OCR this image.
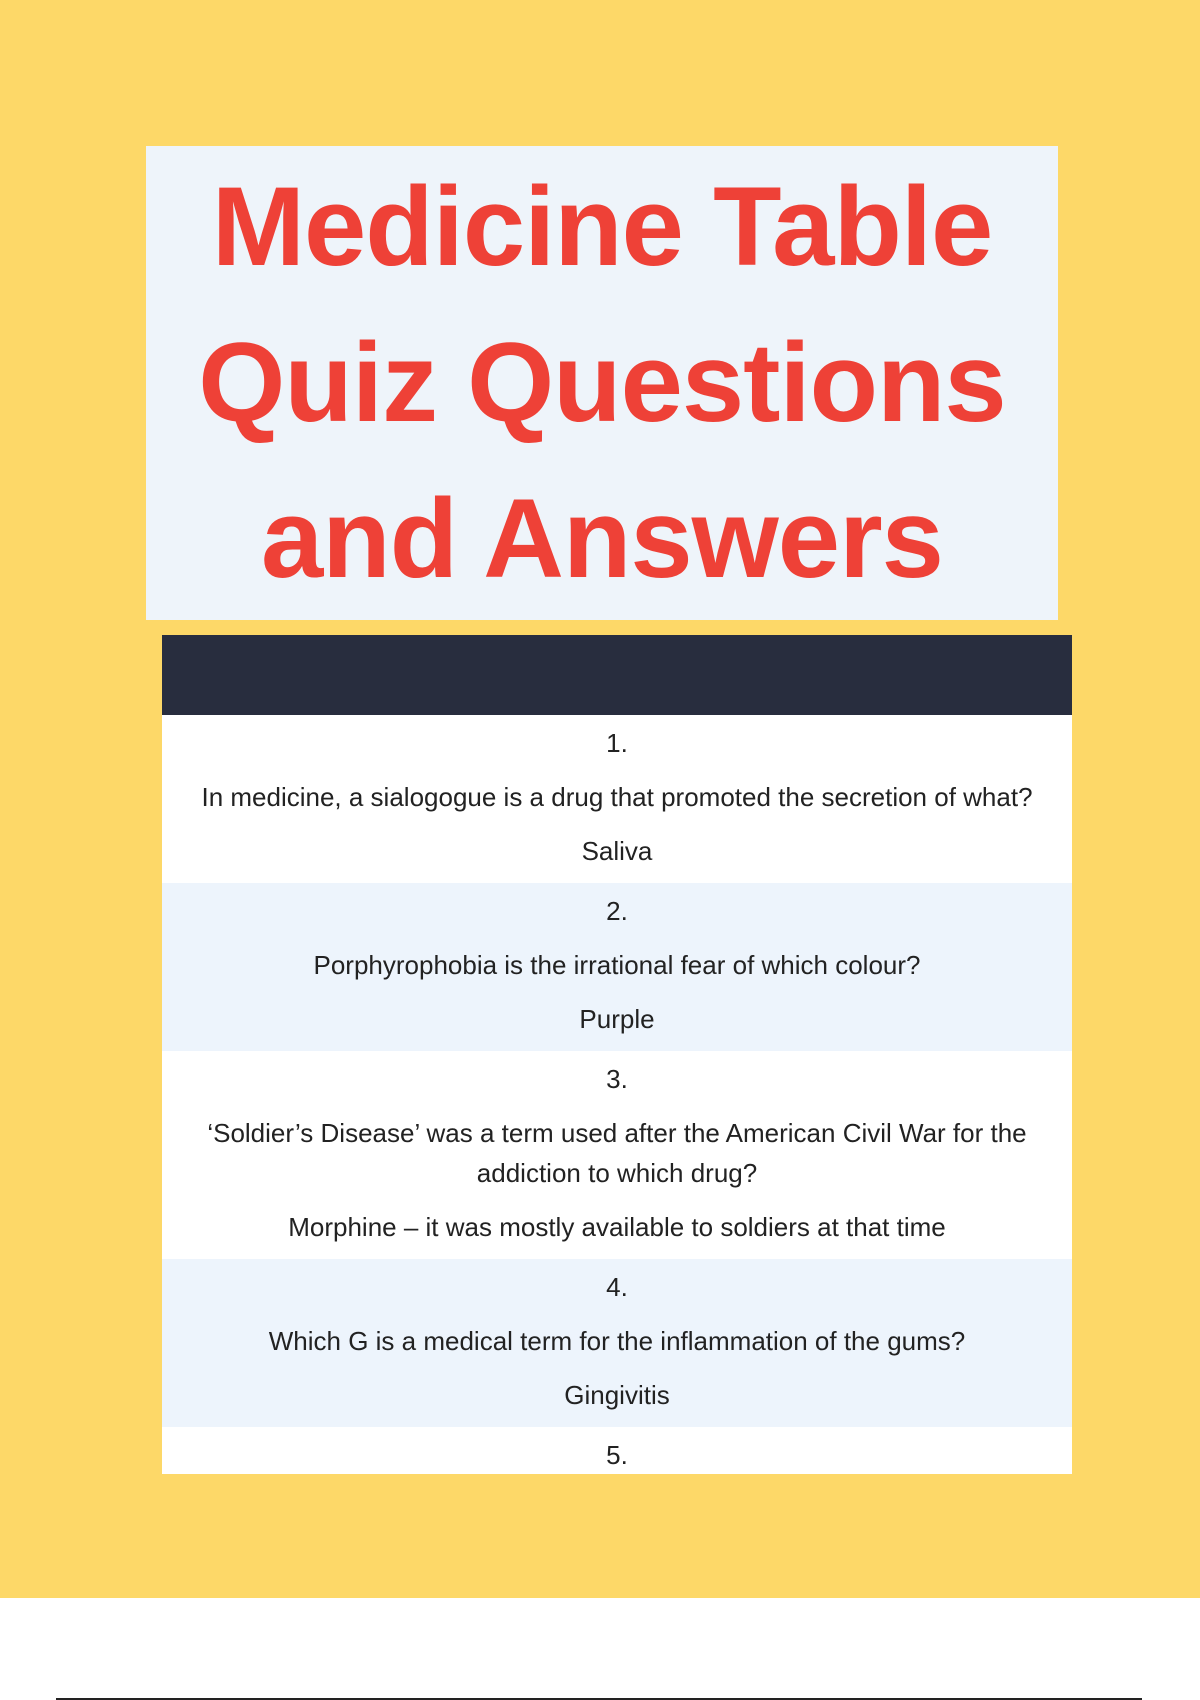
Medicine Table
Quiz Questions
and Answers
1.
In medicine, a sialogogue is a drug that promoted the secretion of what?
Saliva
2.
Porphyrophobia is the irrational fear of which colour?
Purple
3.
‘Soldier’s Disease’ was a term used after the American Civil War for the addiction to which drug?
Morphine – it was mostly available to soldiers at that time
4.
Which G is a medical term for the inflammation of the gums?
Gingivitis
5.
